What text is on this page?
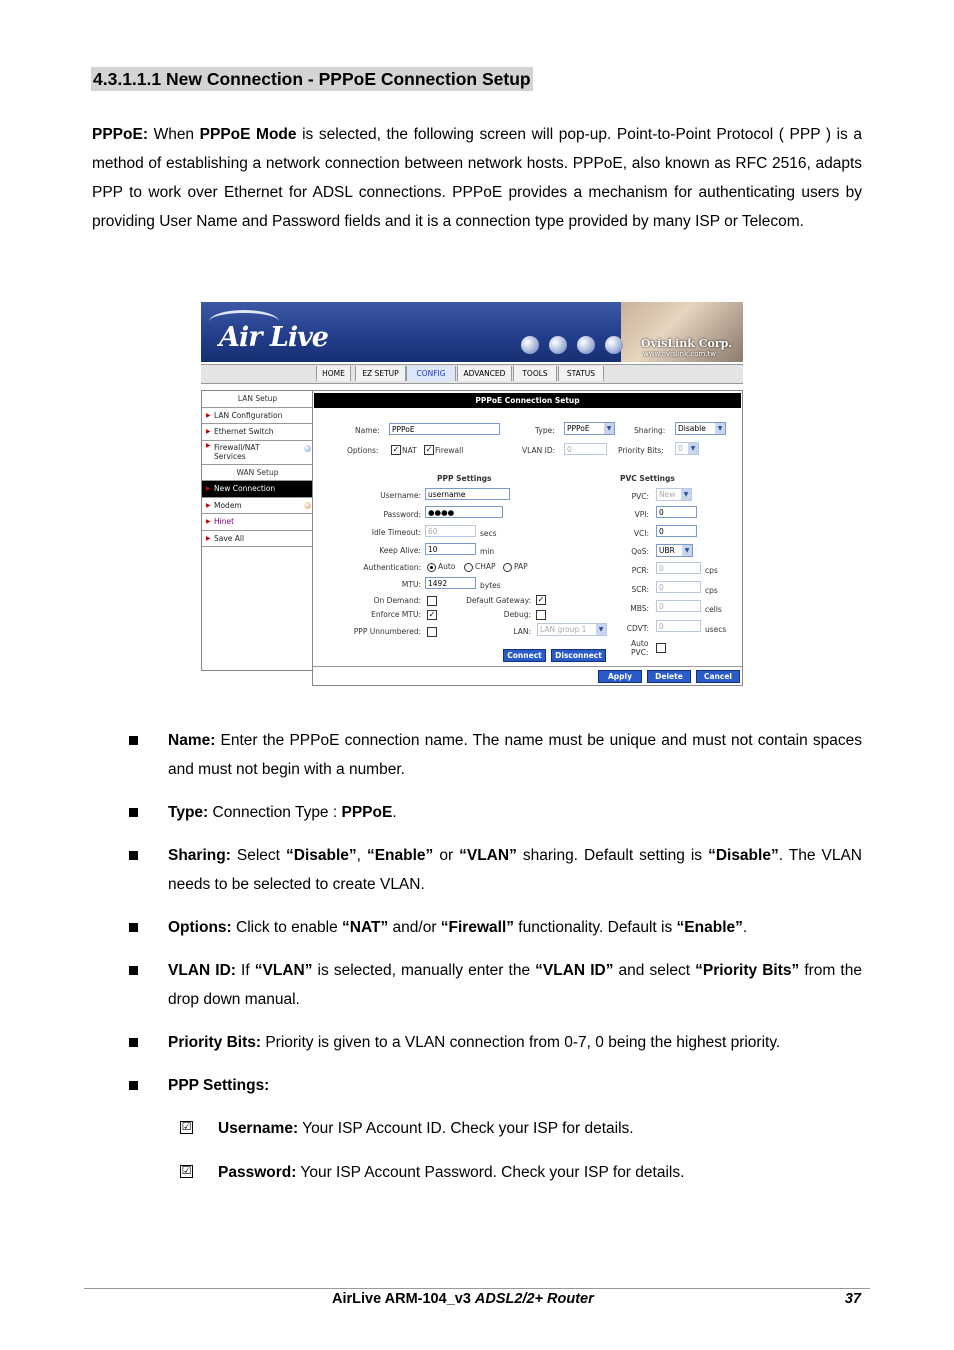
4.3.1.1.1 New Connection - PPPoE Connection Setup
PPPoE: When PPPoE Mode is selected, the following screen will pop-up. Point-to-Point Protocol ( PPP ) is a method of establishing a network connection between network hosts. PPPoE, also known as RFC 2516, adapts PPP to work over Ethernet for ADSL connections. PPPoE provides a mechanism for authenticating users by providing User Name and Password fields and it is a connection type provided by many ISP or Telecom.
Air Live	OvisLink Corp.
www.ovislink.com.tw
HOME	EZ SETUP	CONFIG	ADVANCED	TOOLS	STATUS
LAN Setup
▶ LAN Configuration
▶ Ethernet Switch
▶ Firewall/NAT Services
WAN Setup
▶ New Connection
▶ Modem
▶ Hinet
▶ Save All
PPPoE Connection Setup
Name:	PPPoE	Type:	PPPoE	▼	Sharing:	Disable	▼
Options: ✓ NAT ✓ Firewall	VLAN ID:	0	Priority Bits:	0	▼
PPP Settings	PVC Settings
Username: username
Password: ●●●●
Idle Timeout: 60	secs
Keep Alive: 10	min
Authentication: Auto	CHAP PAP
MTU: 1492	bytes
On Demand:	Default Gateway: ✓
Enforce MTU: ✓	Debug:
PPP Unnumbered:	LAN:	LAN group 1	▼
PVC:	New	▼
VPI:	0
VCI:	0
QoS:	UBR	▼
PCR:	0	cps
SCR:	0	cps
MBS:	0	cells
CDVT:	0	usecs
Auto
PVC:
Connect	Disconnect
Apply	Delete	Cancel
Name: Enter the PPPoE connection name. The name must be unique and must not contain spaces and must not begin with a number.
Type: Connection Type : PPPoE.
Sharing: Select “Disable”, “Enable” or “VLAN” sharing. Default setting is “Disable”. The VLAN needs to be selected to create VLAN.
Options: Click to enable “NAT” and/or “Firewall” functionality. Default is “Enable”.
VLAN ID: If “VLAN” is selected, manually enter the “VLAN ID” and select “Priority Bits” from the drop down manual.
Priority Bits: Priority is given to a VLAN connection from 0-7, 0 being the highest priority.
PPP Settings:
☑ Username: Your ISP Account ID. Check your ISP for details.
☑ Password: Your ISP Account Password. Check your ISP for details.
AirLive ARM-104_v3 ADSL2/2+ Router	37
